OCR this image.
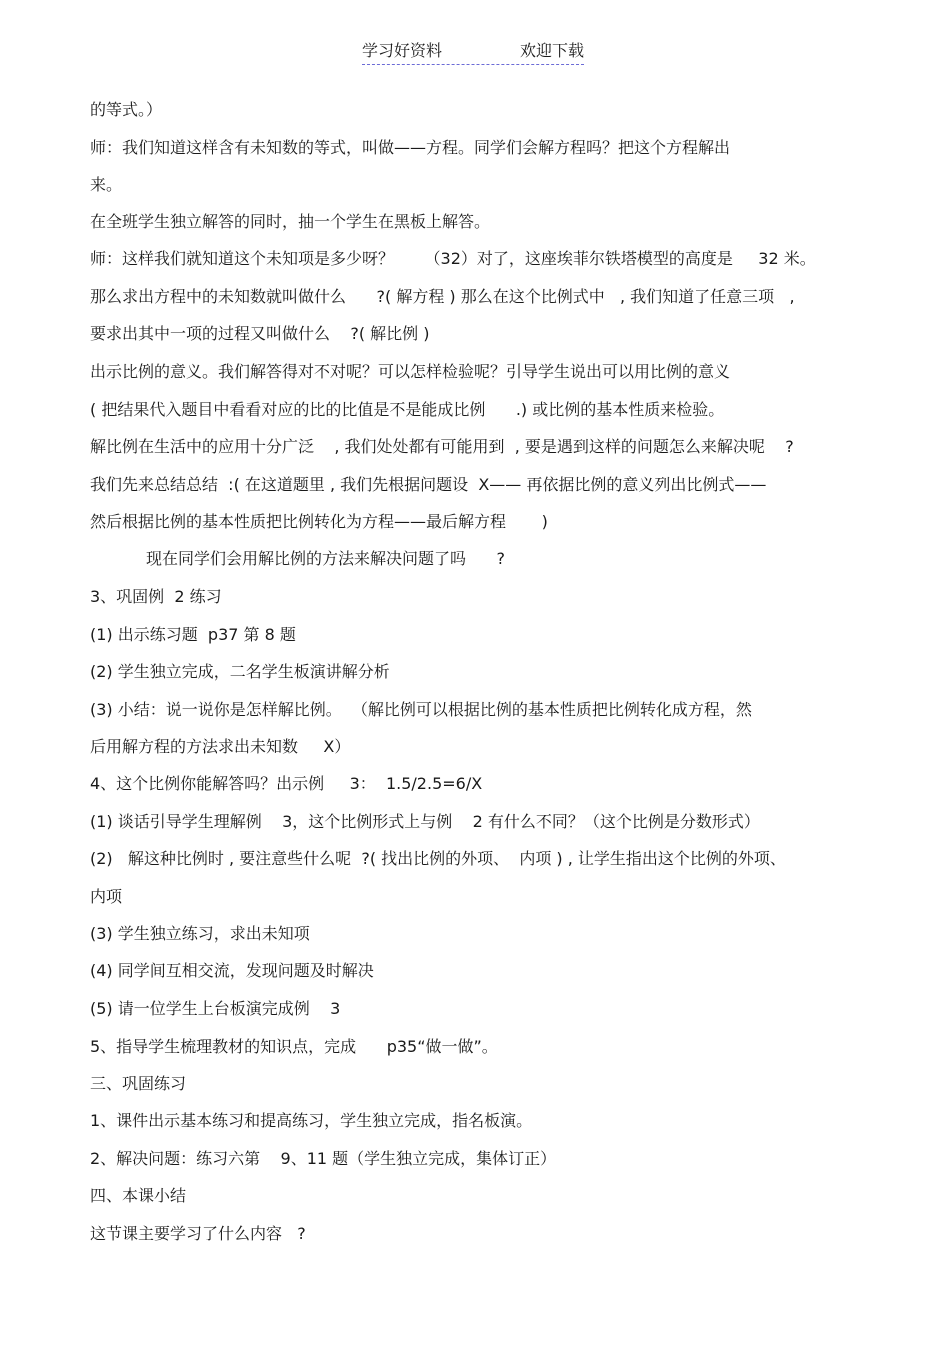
学习好资料	欢迎下载
的等式。）
师：我们知道这样含有未知数的等式，叫做——方程。同学们会解方程吗？把这个方程解出
来。
在全班学生独立解答的同时，抽一个学生在黑板上解答。
师：这样我们就知道这个未知项是多少呀？      （32）对了，这座埃菲尔铁塔模型的高度是     32 米。
那么求出方程中的未知数就叫做什么      ?( 解方程 ) 那么在这个比例式中   , 我们知道了任意三项   ,
要求出其中一项的过程又叫做什么    ?( 解比例 )
出示比例的意义。我们解答得对不对呢？可以怎样检验呢？引导学生说出可以用比例的意义
( 把结果代入题目中看看对应的比的比值是不是能成比例      .) 或比例的基本性质来检验。
解比例在生活中的应用十分广泛    , 我们处处都有可能用到  , 要是遇到这样的问题怎么来解决呢    ?
我们先来总结总结  :( 在这道题里 , 我们先根据问题设  X—— 再依据比例的意义列出比例式——
然后根据比例的基本性质把比例转化为方程——最后解方程       )
现在同学们会用解比例的方法来解决问题了吗      ?
3、巩固例  2 练习
(1) 出示练习题  p37 第 8 题
(2) 学生独立完成，二名学生板演讲解分析
(3) 小结：说一说你是怎样解比例。  （解比例可以根据比例的基本性质把比例转化成方程，然
后用解方程的方法求出未知数     X）
4、这个比例你能解答吗？出示例     3：  1.5/2.5=6/X
(1) 谈话引导学生理解例    3，这个比例形式上与例    2 有什么不同？（这个比例是分数形式）
(2)   解这种比例时 , 要注意些什么呢  ?( 找出比例的外项、  内项 ) , 让学生指出这个比例的外项、
内项
(3) 学生独立练习，求出未知项
(4) 同学间互相交流，发现问题及时解决
(5) 请一位学生上台板演完成例    3
5、指导学生梳理教材的知识点，完成      p35“做一做”。
三、巩固练习
1、课件出示基本练习和提高练习，学生独立完成，指名板演。
2、解决问题：练习六第    9、11 题（学生独立完成，集体订正）
四、本课小结
这节课主要学习了什么内容   ?
